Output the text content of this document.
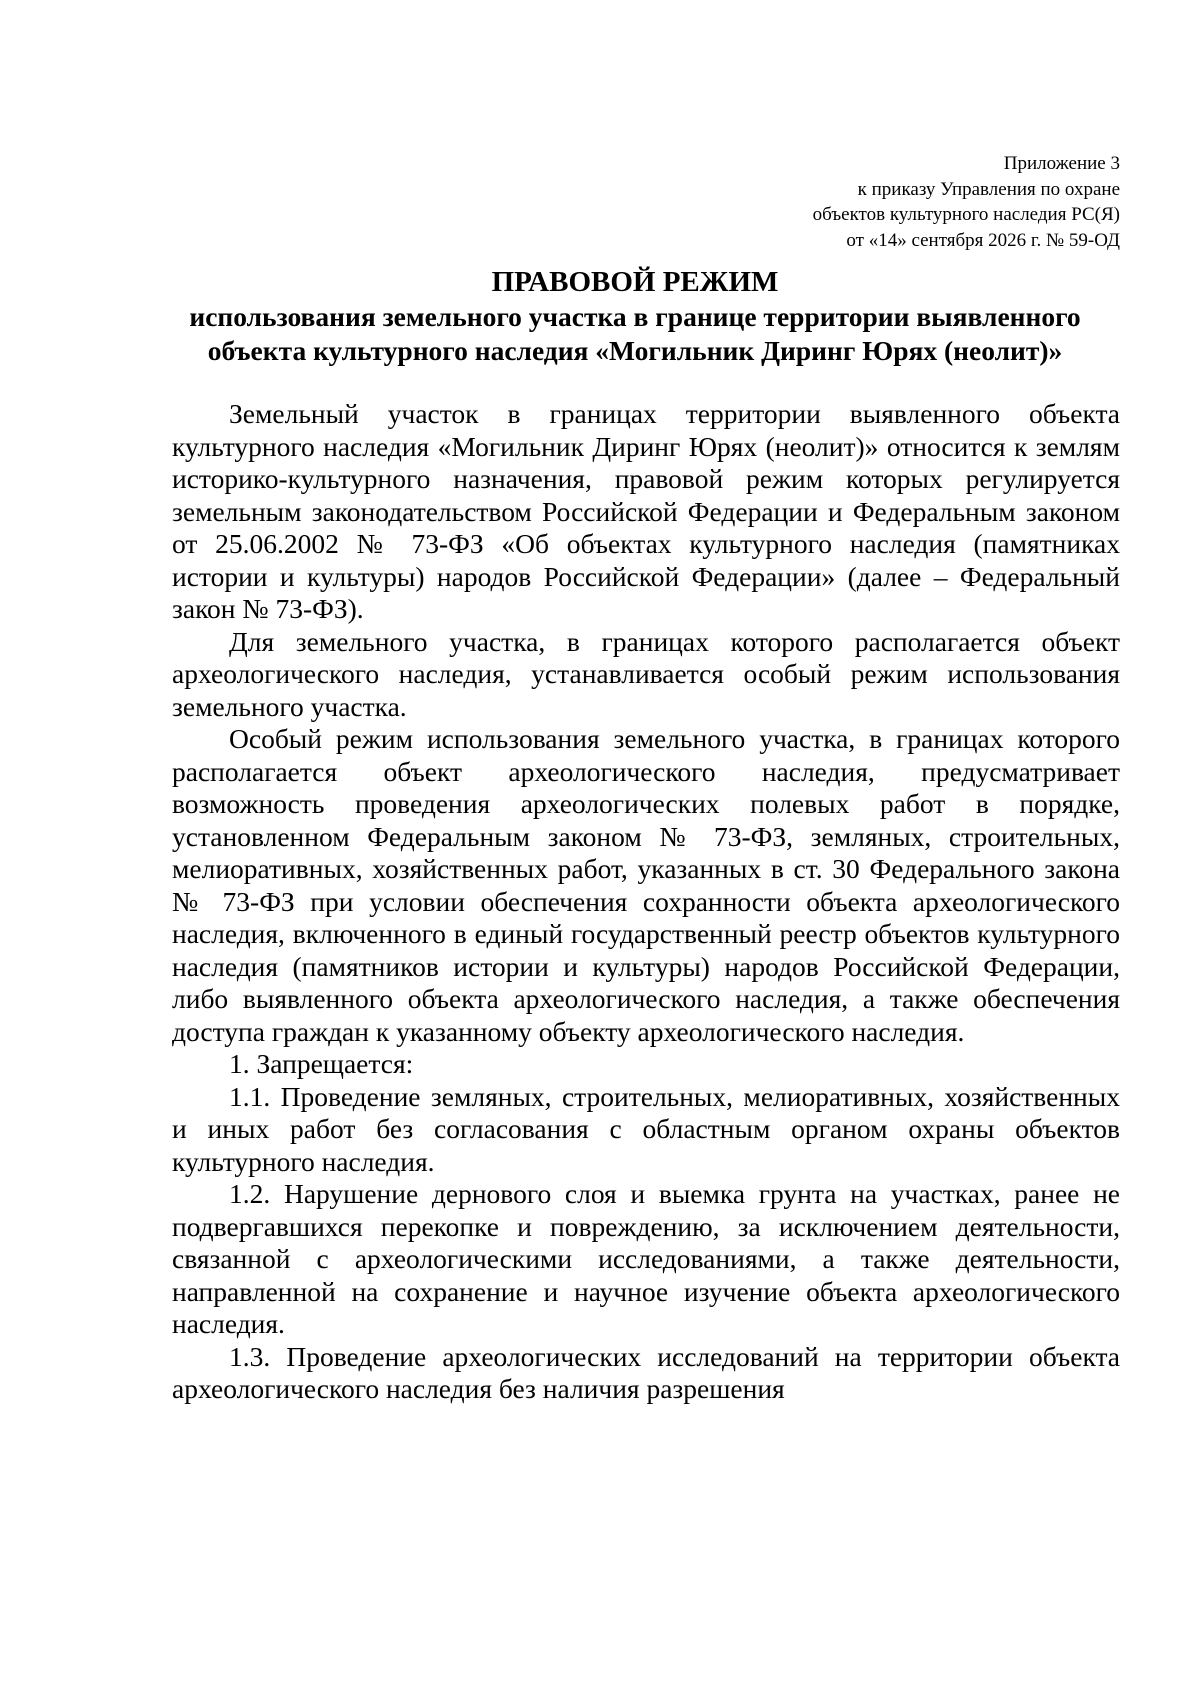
Приложение 3
к приказу Управления по охране
объектов культурного наследия РС(Я)
от «14» сентября 2026 г. № 59-ОД
ПРАВОВОЙ РЕЖИМ
использования земельного участка в границе территории выявленного
объекта культурного наследия «Могильник Диринг Юрях (неолит)»

Земельный участок в границах территории выявленного объекта культурного наследия «Могильник Диринг Юрях (неолит)» относится к землям историко-культурного назначения, правовой режим которых регулируется земельным законодательством Российской Федерации и Федеральным законом от 25.06.2002 № 73-ФЗ «Об объектах культурного наследия (памятниках истории и культуры) народов Российской Федерации» (далее – Федеральный закон № 73-ФЗ).

Для земельного участка, в границах которого располагается объект археологического наследия, устанавливается особый режим использования земельного участка.

Особый режим использования земельного участка, в границах которого располагается объект археологического наследия, предусматривает возможность проведения археологических полевых работ в порядке, установленном Федеральным законом № 73-ФЗ, земляных, строительных, мелиоративных, хозяйственных работ, указанных в ст. 30 Федерального закона № 73-ФЗ при условии обеспечения сохранности объекта археологического наследия, включенного в единый государственный реестр объектов культурного наследия (памятников истории и культуры) народов Российской Федерации, либо выявленного объекта археологического наследия, а также обеспечения доступа граждан к указанному объекту археологического наследия.

1. Запрещается:

1.1. Проведение земляных, строительных, мелиоративных, хозяйственных и иных работ без согласования с областным органом охраны объектов культурного наследия.

1.2. Нарушение дернового слоя и выемка грунта на участках, ранее не подвергавшихся перекопке и повреждению, за исключением деятельности, связанной с археологическими исследованиями, а также деятельности, направленной на сохранение и научное изучение объекта археологического наследия.

1.3. Проведение археологических исследований на территории объекта археологического наследия без наличия разрешения
